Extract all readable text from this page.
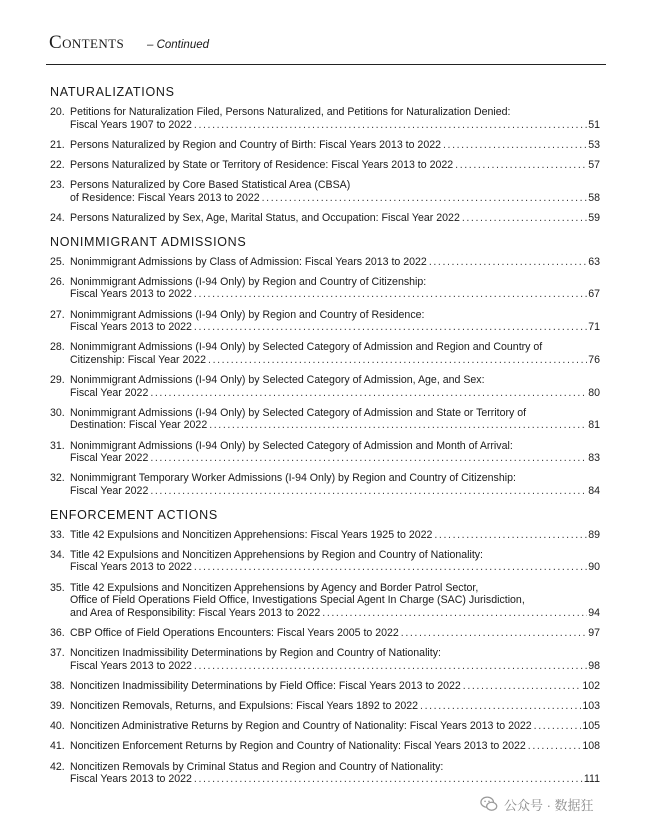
Contents – Continued
NATURALIZATIONS
20. Petitions for Naturalization Filed, Persons Naturalized, and Petitions for Naturalization Denied:
Fiscal Years 1907 to 2022 .....	51
21. Persons Naturalized by Region and Country of Birth: Fiscal Years 2013 to 2022 .....	53
22. Persons Naturalized by State or Territory of Residence: Fiscal Years 2013 to 2022 .....	57
23. Persons Naturalized by Core Based Statistical Area (CBSA)
of Residence: Fiscal Years 2013 to 2022 .....	58
24. Persons Naturalized by Sex, Age, Marital Status, and Occupation: Fiscal Year 2022 .....	59
NONIMMIGRANT ADMISSIONS
25. Nonimmigrant Admissions by Class of Admission: Fiscal Years 2013 to 2022 .....	63
26. Nonimmigrant Admissions (I-94 Only) by Region and Country of Citizenship:
Fiscal Years 2013 to 2022 .....	67
27. Nonimmigrant Admissions (I-94 Only) by Region and Country of Residence:
Fiscal Years 2013 to 2022 .....	71
28. Nonimmigrant Admissions (I-94 Only) by Selected Category of Admission and Region and Country of
Citizenship: Fiscal Year 2022 .....	76
29. Nonimmigrant Admissions (I-94 Only) by Selected Category of Admission, Age, and Sex:
Fiscal Year 2022 .....	80
30. Nonimmigrant Admissions (I-94 Only) by Selected Category of Admission and State or Territory of
Destination: Fiscal Year 2022 .....	81
31. Nonimmigrant Admissions (I-94 Only) by Selected Category of Admission and Month of Arrival:
Fiscal Year 2022 .....	83
32. Nonimmigrant Temporary Worker Admissions (I-94 Only) by Region and Country of Citizenship:
Fiscal Year 2022 .....	84
ENFORCEMENT ACTIONS
33. Title 42 Expulsions and Noncitizen Apprehensions: Fiscal Years 1925 to 2022 .....	89
34. Title 42 Expulsions and Noncitizen Apprehensions by Region and Country of Nationality:
Fiscal Years 2013 to 2022 .....	90
35. Title 42 Expulsions and Noncitizen Apprehensions by Agency and Border Patrol Sector,
Office of Field Operations Field Office, Investigations Special Agent In Charge (SAC) Jurisdiction,
and Area of Responsibility: Fiscal Years 2013 to 2022 .....	94
36. CBP Office of Field Operations Encounters: Fiscal Years 2005 to 2022 .....	97
37. Noncitizen Inadmissibility Determinations by Region and Country of Nationality:
Fiscal Years 2013 to 2022 .....	98
38. Noncitizen Inadmissibility Determinations by Field Office: Fiscal Years 2013 to 2022 .....	102
39. Noncitizen Removals, Returns, and Expulsions: Fiscal Years 1892 to 2022 .....	103
40. Noncitizen Administrative Returns by Region and Country of Nationality: Fiscal Years 2013 to 2022 .....	105
41. Noncitizen Enforcement Returns by Region and Country of Nationality: Fiscal Years 2013 to 2022 .....	108
42. Noncitizen Removals by Criminal Status and Region and Country of Nationality:
Fiscal Years 2013 to 2022 .....	111
公众号 · 数据狂
